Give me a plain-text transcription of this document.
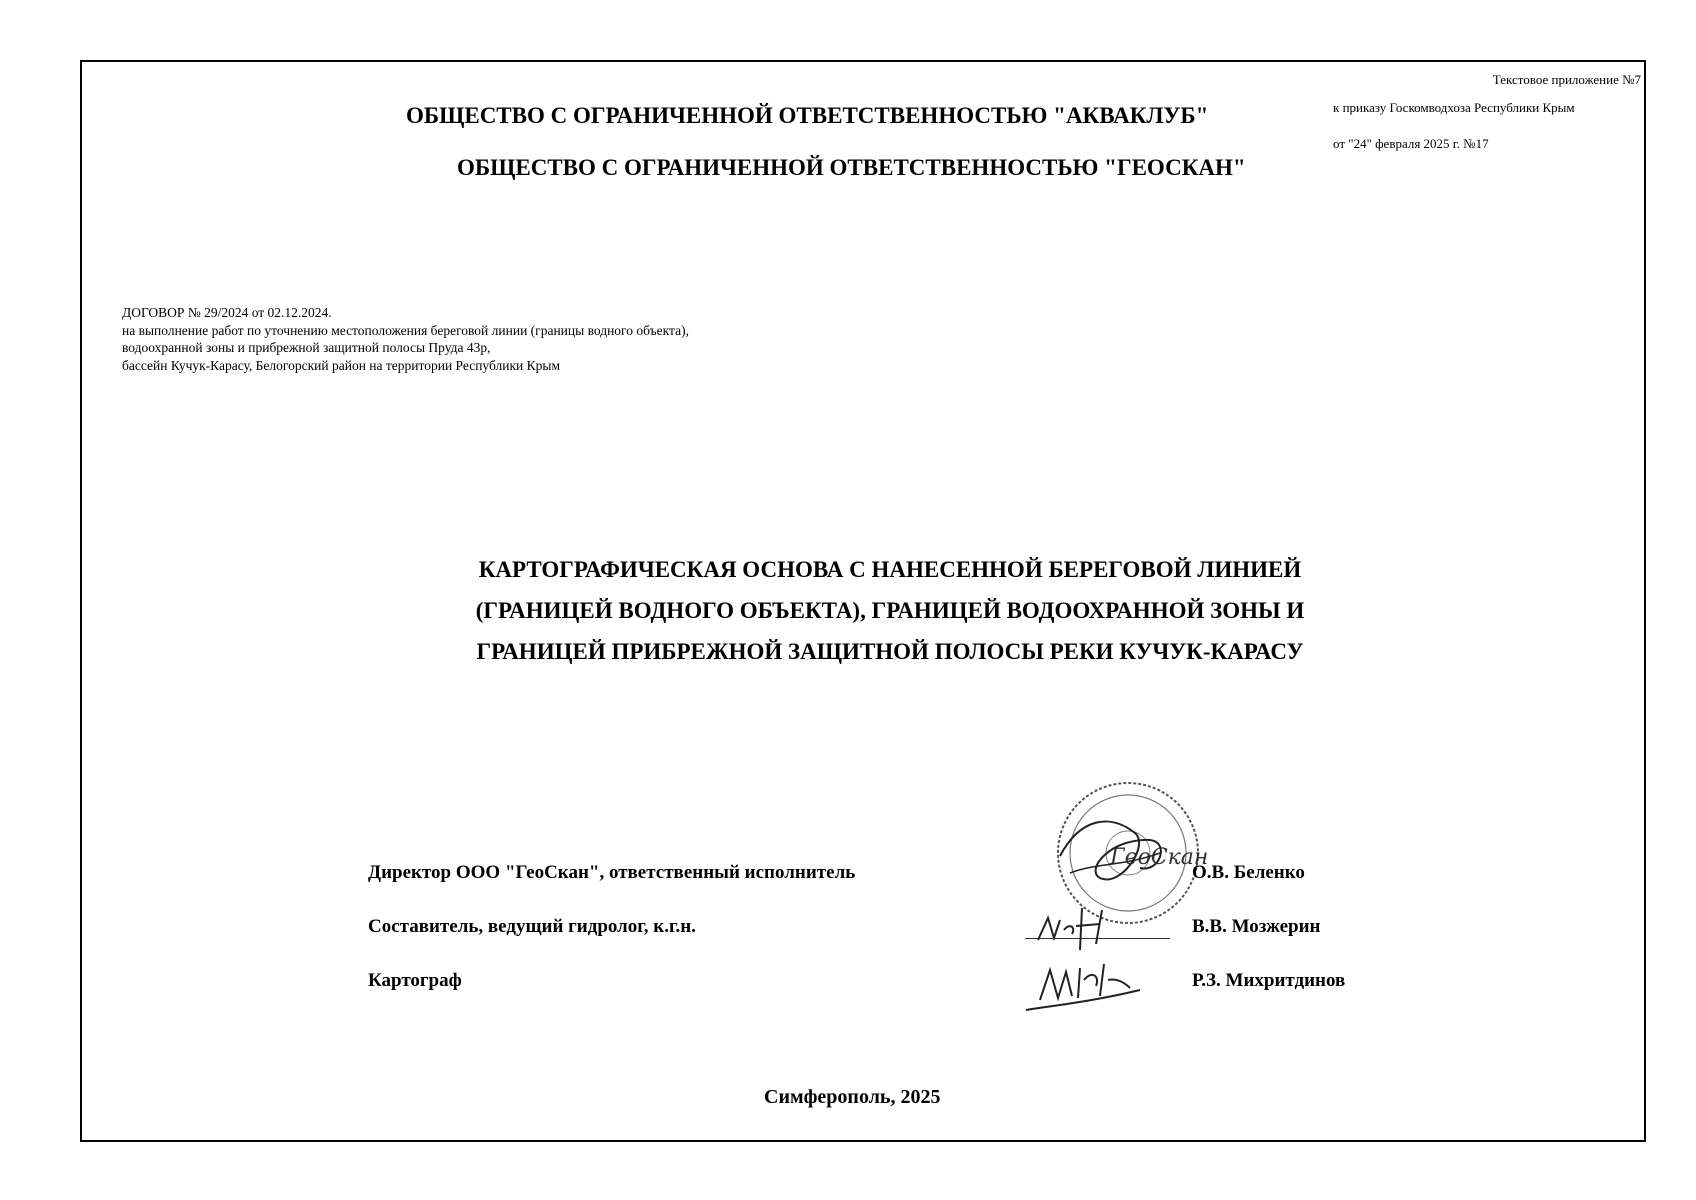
ОБЩЕСТВО С ОГРАНИЧЕННОЙ ОТВЕТСТВЕННОСТЬЮ "АКВАКЛУБ"
ОБЩЕСТВО С ОГРАНИЧЕННОЙ ОТВЕТСТВЕННОСТЬЮ "ГЕОСКАН"
Текстовое приложение №7
к приказу Госкомводхоза Республики Крым
от "24" февраля 2025 г. №17
ДОГОВОР № 29/2024 от 02.12.2024.
на выполнение работ по уточнению местоположения береговой линии (границы водного объекта),
водоохранной зоны и прибрежной защитной полосы Пруда 43р,
бассейн Кучук-Карасу, Белогорский район на территории Республики Крым
КАРТОГРАФИЧЕСКАЯ ОСНОВА С НАНЕСЕННОЙ БЕРЕГОВОЙ ЛИНИЕЙ
(ГРАНИЦЕЙ ВОДНОГО ОБЪЕКТА), ГРАНИЦЕЙ ВОДООХРАННОЙ ЗОНЫ И
ГРАНИЦЕЙ ПРИБРЕЖНОЙ ЗАЩИТНОЙ ПОЛОСЫ РЕКИ КУЧУК-КАРАСУ
ГеоСкан
Директор ООО "ГеоСкан", ответственный исполнитель	О.В. Беленко
Составитель, ведущий гидролог, к.г.н.	В.В. Мозжерин
Картограф	Р.З. Михритдинов
Симферополь, 2025
